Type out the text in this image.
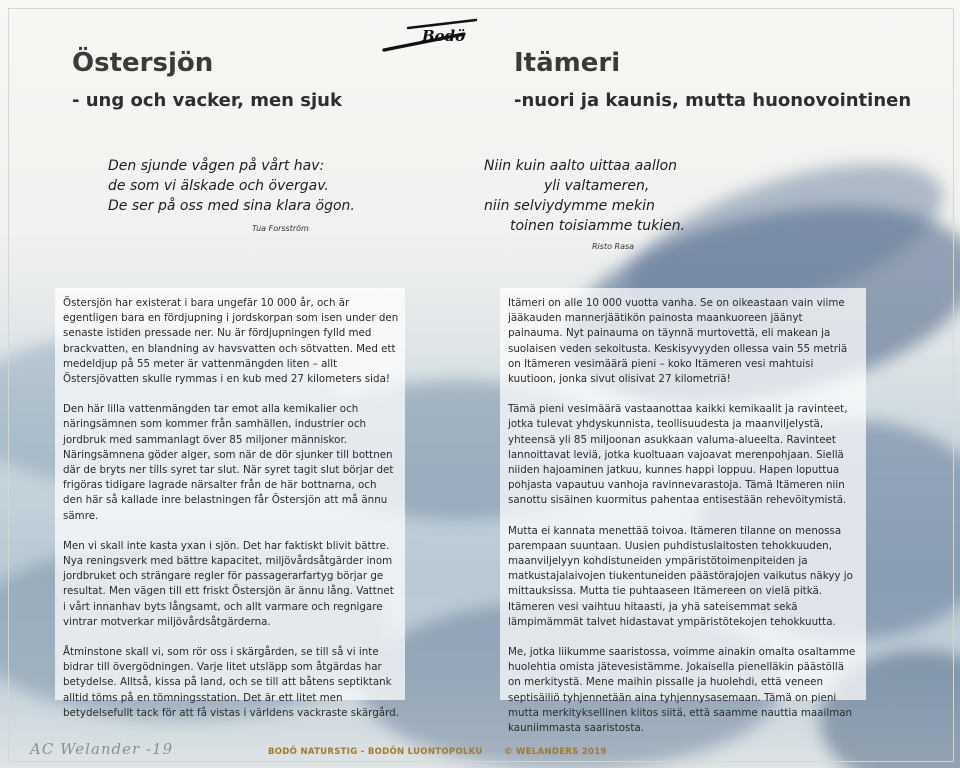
Bodö
Östersjön
- ung och vacker, men sjuk
Itämeri
-nuori ja kaunis, mutta huonovointinen
Den sjunde vågen på vårt hav:
de som vi älskade och övergav.
De ser på oss med sina klara ögon.
Tua Forsström
Niin kuin aalto uittaa aallon
yli valtameren,
niin selviydymme mekin
toinen toisiamme tukien.
Risto Rasa

Östersjön har existerat i bara ungefär 10 000 år, och är egentligen bara en fördjupning i jordskorpan som isen under den senaste istiden pressade ner. Nu är fördjupningen fylld med brackvatten, en blandning av havsvatten och sötvatten. Med ett medeldjup på 55 meter är vattenmängden liten – allt Östersjövatten skulle rymmas i en kub med 27 kilometers sida!

Den här lilla vattenmängden tar emot alla kemikalier och näringsämnen som kommer från samhällen, industrier och jordbruk med sammanlagt över 85 miljoner människor. Näringsämnena göder alger, som när de dör sjunker till bottnen där de bryts ner tills syret tar slut. När syret tagit slut börjar det frigöras tidigare lagrade närsalter från de här bottnarna, och den här så kallade inre belastningen får Östersjön att må ännu sämre.

Men vi skall inte kasta yxan i sjön. Det har faktiskt blivit bättre. Nya reningsverk med bättre kapacitet, miljövårdsåtgärder inom jordbruket och strängare regler för passagerarfartyg börjar ge resultat. Men vägen till ett friskt Östersjön är ännu lång. Vattnet i vårt innanhav byts långsamt, och allt varmare och regnigare vintrar motverkar miljövårdsåtgärderna.

Åtminstone skall vi, som rör oss i skärgården, se till så vi inte bidrar till övergödningen. Varje litet utsläpp som åtgärdas har betydelse. Alltså, kissa på land, och se till att båtens septiktank alltid töms på en tömningsstation. Det är ett litet men betydelsefullt tack för att få vistas i världens vackraste skärgård.

Itämeri on alle 10 000 vuotta vanha. Se on oikeastaan vain viime jääkauden mannerjäätikön painosta maankuoreen jäänyt painauma. Nyt painauma on täynnä murtovettä, eli makean ja suolaisen veden sekoitusta. Keskisyvyyden ollessa vain 55 metriä on Itämeren vesimäärä pieni – koko Itämeren vesi mahtuisi kuutioon, jonka sivut olisivat 27 kilometriä!

Tämä pieni vesimäärä vastaanottaa kaikki kemikaalit ja ravinteet, jotka tulevat yhdyskunnista, teollisuudesta ja maanviljelystä, yhteensä yli 85 miljoonan asukkaan valuma-alueelta. Ravinteet lannoittavat leviä, jotka kuoltuaan vajoavat merenpohjaan. Siellä niiden hajoaminen jatkuu, kunnes happi loppuu. Hapen loputtua pohjasta vapautuu vanhoja ravinnevarastoja. Tämä Itämeren niin sanottu sisäinen kuormitus pahentaa entisestään rehevöitymistä.

Mutta ei kannata menettää toivoa. Itämeren tilanne on menossa parempaan suuntaan. Uusien puhdistuslaitosten tehokkuuden, maanviljelyyn kohdistuneiden ympäristötoimenpiteiden ja matkustajalaivojen tiukentuneiden päästörajojen vaikutus näkyy jo mittauksissa. Mutta tie puhtaaseen Itämereen on vielä pitkä. Itämeren vesi vaihtuu hitaasti, ja yhä sateisemmat sekä lämpimämmät talvet hidastavat ympäristötekojen tehokkuutta.

Me, jotka liikumme saaristossa, voimme ainakin omalta osaltamme huolehtia omista jätevesistämme. Jokaisella pienelläkin päästöllä on merkitystä. Mene maihin pissalle ja huolehdi, että veneen septisäiliö tyhjennetään aina tyhjennysasemaan. Tämä on pieni mutta merkityksellinen kiitos siitä, että saamme nauttia maailman kauniimmasta saaristosta.

AC Welander -19	BODÖ NATURSTIG - BODÖN LUONTOPOLKU	© WELANDERS 2019
